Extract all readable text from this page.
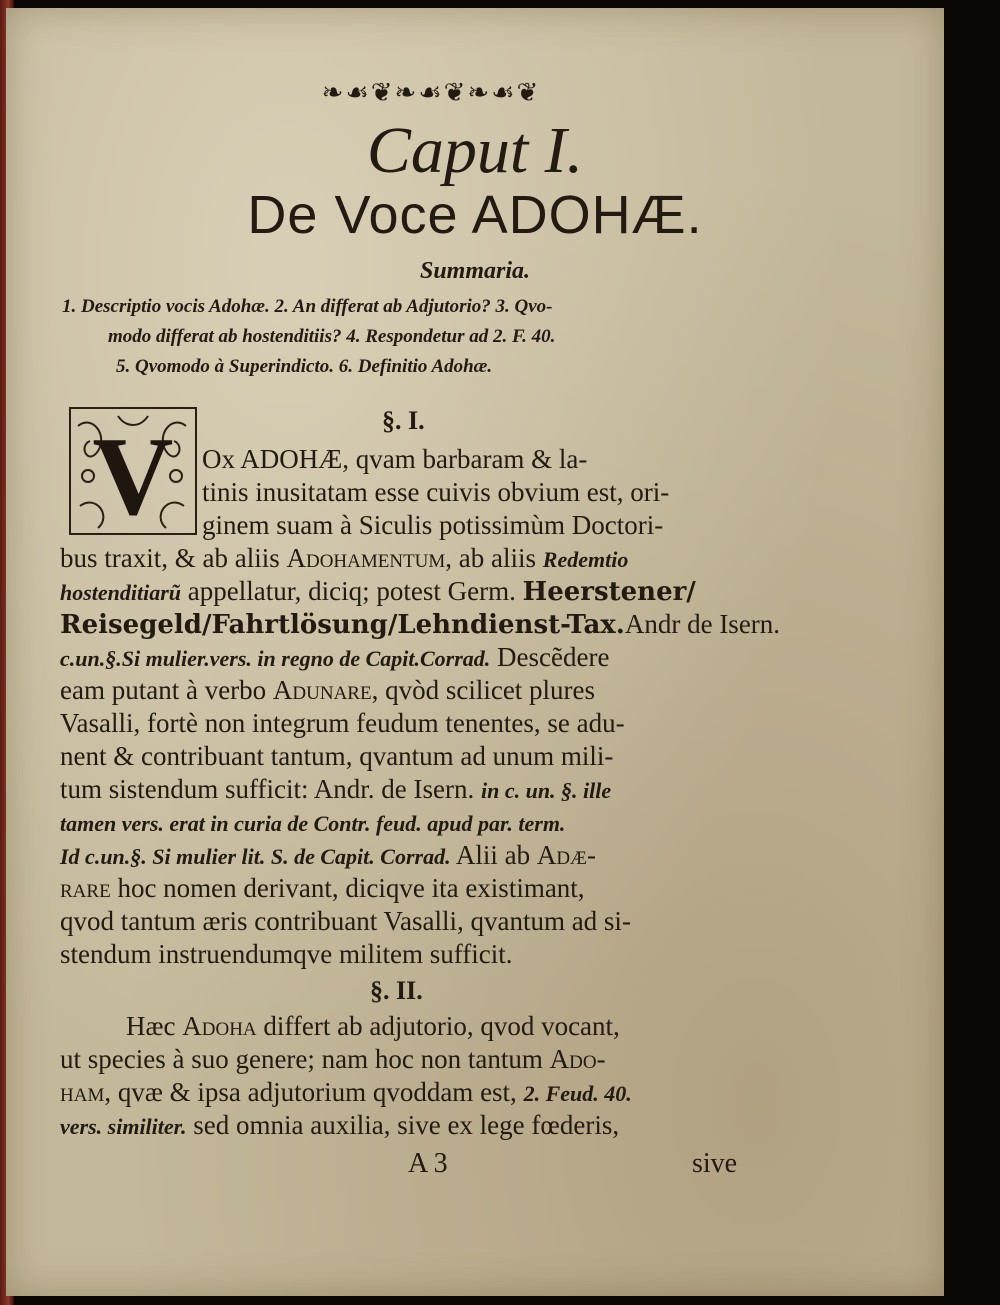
❧☙❦❧☙❦❧☙❦
Caput I.
De Voce ADOHÆ.
Summaria.
1. Descriptio vocis Adohæ. 2. An differat ab Adjutorio? 3. Qvo-
modo differat ab hostenditiis? 4. Respondetur ad 2. F. 40.
5. Qvomodo à Superindicto. 6. Definitio Adohæ.
§. I.
V Ox ADOHÆ, qvam barbaram & la-
tinis inusitatam esse cuivis obvium est, ori-
ginem suam à Siculis potissimùm Doctori-
bus traxit, & ab aliis Adohamentum, ab aliis Redemtio
hostenditiarũ appellatur, diciq; potest Germ. Heerstener/
Reisegeld/Fahrtlösung/Lehndienst-Tax.Andr de Isern.
c.un.§.Si mulier.vers. in regno de Capit.Corrad. Descẽdere
eam putant à verbo Adunare, qvòd scilicet plures
Vasalli, fortè non integrum feudum tenentes, se adu-
nent & contribuant tantum, qvantum ad unum mili-
tum sistendum sufficit: Andr. de Isern. in c. un. §. ille
tamen vers. erat in curia de Contr. feud. apud par. term.
Id c.un.§. Si mulier lit. S. de Capit. Corrad. Alii ab Adæ-
rare hoc nomen derivant, diciqve ita existimant,
qvod tantum æris contribuant Vasalli, qvantum ad si-
stendum instruendumqve militem sufficit.
§. II.
Hæc Adoha differt ab adjutorio, qvod vocant,
ut species à suo genere; nam hoc non tantum Ado-
ham, qvæ & ipsa adjutorium qvoddam est, 2. Feud. 40.
vers. similiter. sed omnia auxilia, sive ex lege fœderis,
A 3	sive
